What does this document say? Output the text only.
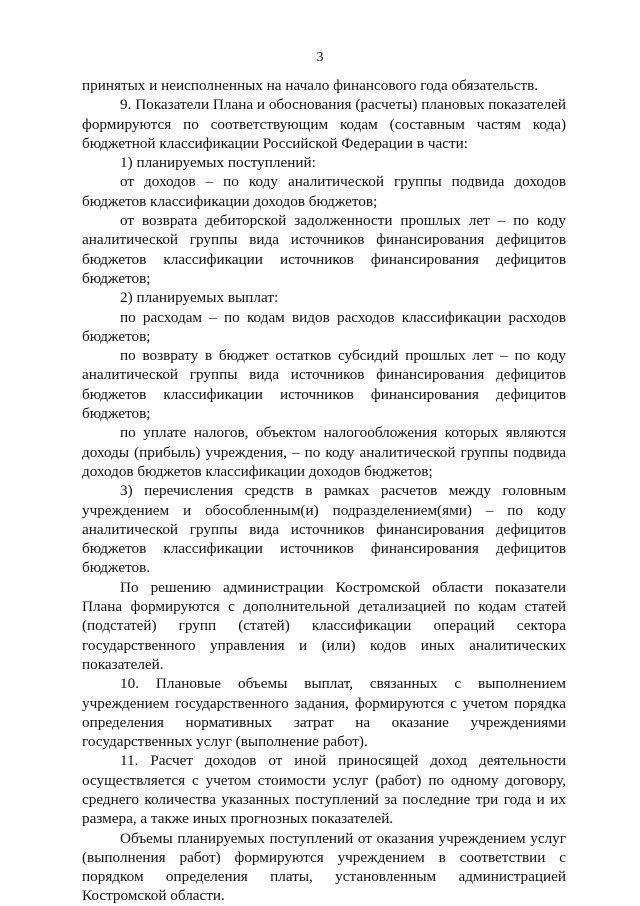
3

принятых и неисполненных на начало финансового года обязательств.

9. Показатели Плана и обоснования (расчеты) плановых показателей формируются по соответствующим кодам (составным частям кода) бюджетной классификации Российской Федерации в части:

1) планируемых поступлений:

от доходов – по коду аналитической группы подвида доходов бюджетов классификации доходов бюджетов;

от возврата дебиторской задолженности прошлых лет – по коду аналитической группы вида источников финансирования дефицитов бюджетов классификации источников финансирования дефицитов бюджетов;

2) планируемых выплат:

по расходам – по кодам видов расходов классификации расходов бюджетов;

по возврату в бюджет остатков субсидий прошлых лет – по коду аналитической группы вида источников финансирования дефицитов бюджетов классификации источников финансирования дефицитов бюджетов;

по уплате налогов, объектом налогообложения которых являются доходы (прибыль) учреждения, – по коду аналитической группы подвида доходов бюджетов классификации доходов бюджетов;

3) перечисления средств в рамках расчетов между головным учреждением и обособленным(и) подразделением(ями) – по коду аналитической группы вида источников финансирования дефицитов бюджетов классификации источников финансирования дефицитов бюджетов.

По решению администрации Костромской области показатели Плана формируются с дополнительной детализацией по кодам статей (подстатей) групп (статей) классификации операций сектора государственного управления и (или) кодов иных аналитических показателей.

10. Плановые объемы выплат, связанных с выполнением учреждением государственного задания, формируются с учетом порядка определения нормативных затрат на оказание учреждениями государственных услуг (выполнение работ).

11. Расчет доходов от иной приносящей доход деятельности осуществляется с учетом стоимости услуг (работ) по одному договору, среднего количества указанных поступлений за последние три года и их размера, а также иных прогнозных показателей.

Объемы планируемых поступлений от оказания учреждением услуг (выполнения работ) формируются учреждением в соответствии с порядком определения платы, установленным администрацией Костромской области.
